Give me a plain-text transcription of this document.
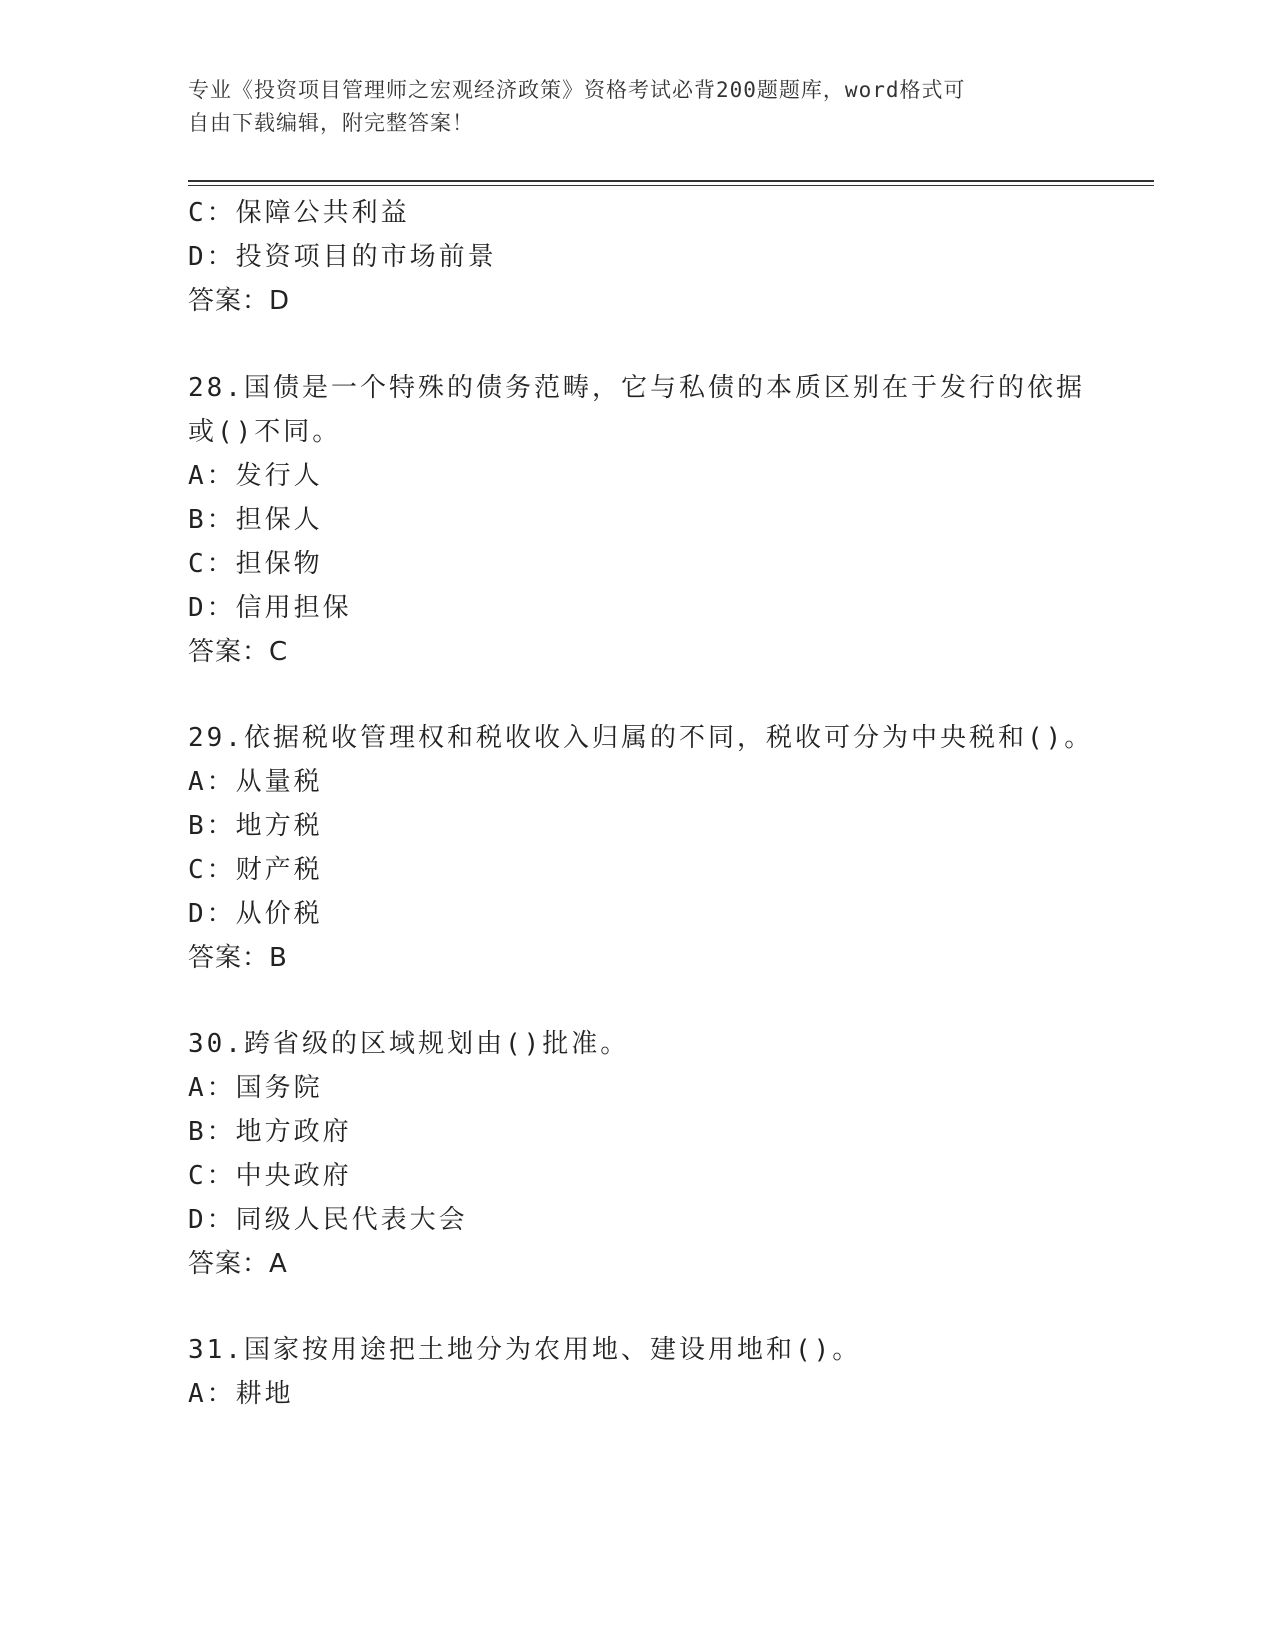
专业《投资项目管理师之宏观经济政策》资格考试必背200题题库，word格式可
自由下载编辑，附完整答案！
C：保障公共利益
D：投资项目的市场前景
答案：D
28.国债是一个特殊的债务范畴，它与私债的本质区别在于发行的依据
或()不同。
A：发行人
B：担保人
C：担保物
D：信用担保
答案：C
29.依据税收管理权和税收收入归属的不同，税收可分为中央税和()。
A：从量税
B：地方税
C：财产税
D：从价税
答案：B
30.跨省级的区域规划由()批准。
A：国务院
B：地方政府
C：中央政府
D：同级人民代表大会
答案：A
31.国家按用途把土地分为农用地、建设用地和()。
A：耕地
